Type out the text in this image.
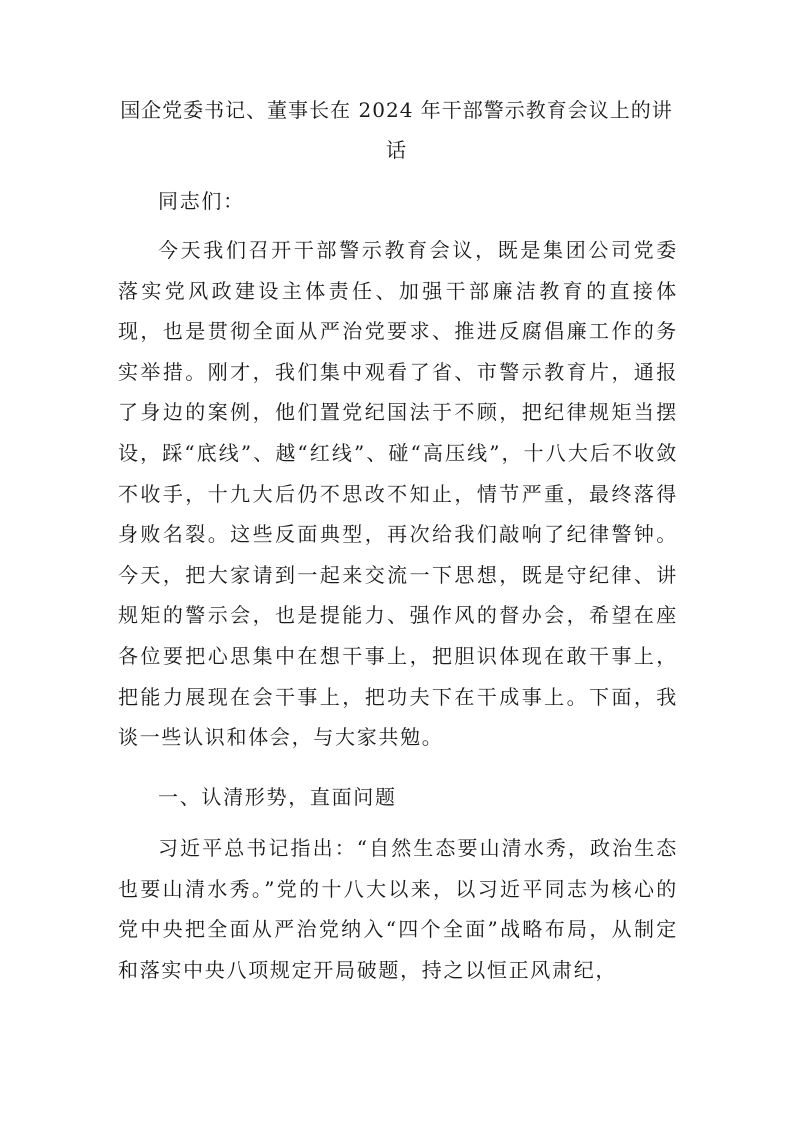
国企党委书记、董事长在 2024 年干部警示教育会议上的讲话
同志们：
今天我们召开干部警示教育会议，既是集团公司党委落实党风政建设主体责任、加强干部廉洁教育的直接体现，也是贯彻全面从严治党要求、推进反腐倡廉工作的务实举措。刚才，我们集中观看了省、市警示教育片，通报了身边的案例，他们置党纪国法于不顾，把纪律规矩当摆设，踩“底线”、越“红线”、碰“高压线”，十八大后不收敛不收手，十九大后仍不思改不知止，情节严重，最终落得身败名裂。这些反面典型，再次给我们敲响了纪律警钟。今天，把大家请到一起来交流一下思想，既是守纪律、讲规矩的警示会，也是提能力、强作风的督办会，希望在座各位要把心思集中在想干事上，把胆识体现在敢干事上，把能力展现在会干事上，把功夫下在干成事上。下面，我谈一些认识和体会，与大家共勉。
一、认清形势，直面问题
习近平总书记指出：“自然生态要山清水秀，政治生态也要山清水秀。”党的十八大以来，以习近平同志为核心的党中央把全面从严治党纳入“四个全面”战略布局，从制定和落实中央八项规定开局破题，持之以恒正风肃纪，
